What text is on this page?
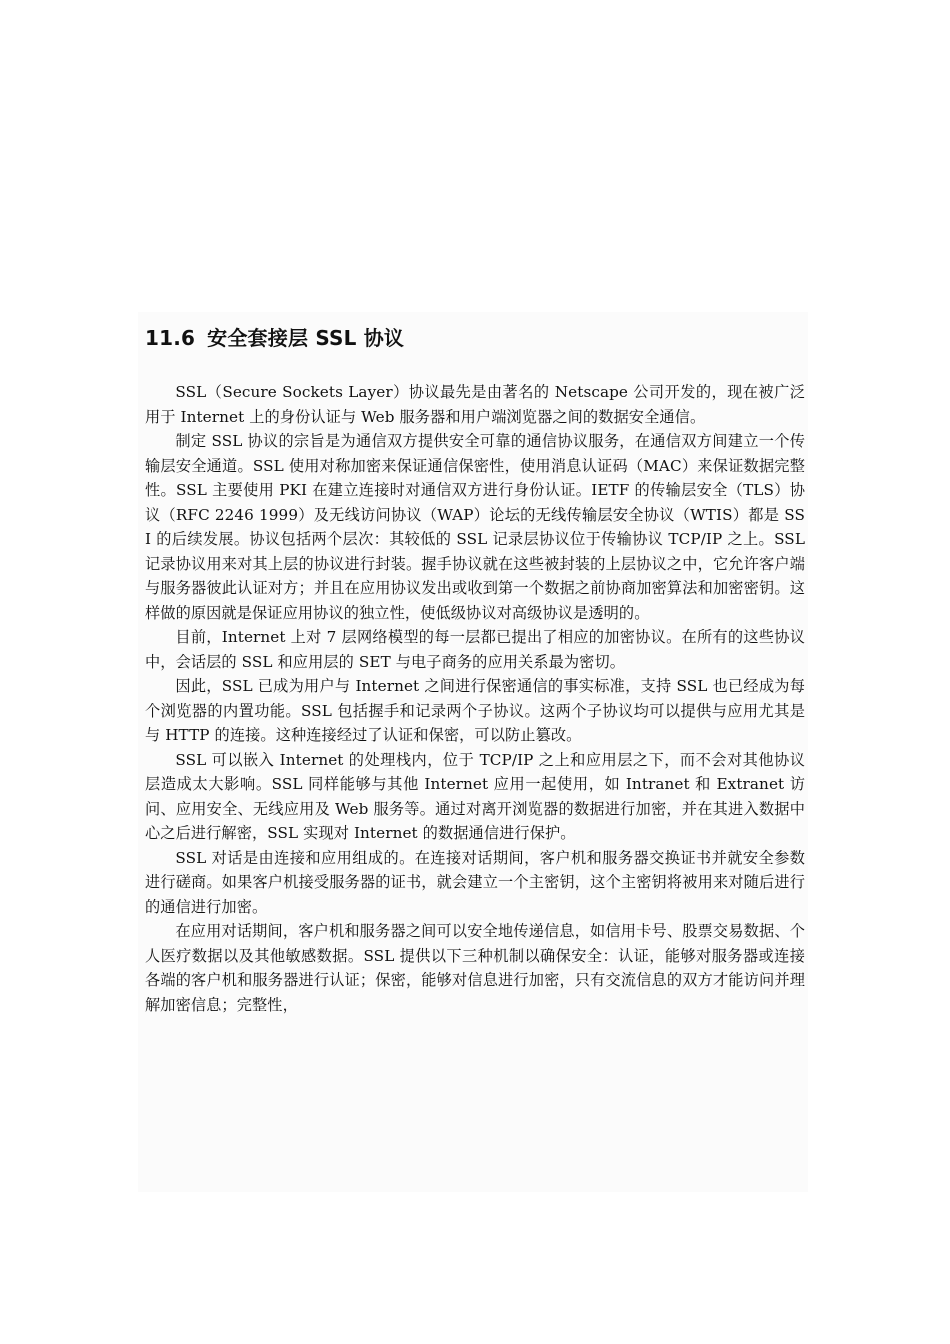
11.6 安全套接层 SSL 协议

SSL（Secure Sockets Layer）协议最先是由著名的 Netscape 公司开发的，现在被广泛用于 Internet 上的身份认证与 Web 服务器和用户端浏览器之间的数据安全通信。

制定 SSL 协议的宗旨是为通信双方提供安全可靠的通信协议服务，在通信双方间建立一个传输层安全通道。SSL 使用对称加密来保证通信保密性，使用消息认证码（MAC）来保证数据完整性。SSL 主要使用 PKI 在建立连接时对通信双方进行身份认证。IETF 的传输层安全（TLS）协议（RFC 2246 1999）及无线访问协议（WAP）论坛的无线传输层安全协议（WTIS）都是 SSI 的后续发展。协议包括两个层次：其较低的 SSL 记录层协议位于传输协议 TCP/IP 之上。SSL 记录协议用来对其上层的协议进行封装。握手协议就在这些被封装的上层协议之中，它允许客户端与服务器彼此认证对方；并且在应用协议发出或收到第一个数据之前协商加密算法和加密密钥。这样做的原因就是保证应用协议的独立性，使低级协议对高级协议是透明的。

目前，Internet 上对 7 层网络模型的每一层都已提出了相应的加密协议。在所有的这些协议中，会话层的 SSL 和应用层的 SET 与电子商务的应用关系最为密切。

因此，SSL 已成为用户与 Internet 之间进行保密通信的事实标准，支持 SSL 也已经成为每个浏览器的内置功能。SSL 包括握手和记录两个子协议。这两个子协议均可以提供与应用尤其是与 HTTP 的连接。这种连接经过了认证和保密，可以防止篡改。

SSL 可以嵌入 Internet 的处理栈内，位于 TCP/IP 之上和应用层之下，而不会对其他协议层造成太大影响。SSL 同样能够与其他 Internet 应用一起使用，如 Intranet 和 Extranet 访问、应用安全、无线应用及 Web 服务等。通过对离开浏览器的数据进行加密，并在其进入数据中心之后进行解密，SSL 实现对 Internet 的数据通信进行保护。

SSL 对话是由连接和应用组成的。在连接对话期间，客户机和服务器交换证书并就安全参数进行磋商。如果客户机接受服务器的证书，就会建立一个主密钥，这个主密钥将被用来对随后进行的通信进行加密。

在应用对话期间，客户机和服务器之间可以安全地传递信息，如信用卡号、股票交易数据、个人医疗数据以及其他敏感数据。SSL 提供以下三种机制以确保安全：认证，能够对服务器或连接各端的客户机和服务器进行认证；保密，能够对信息进行加密，只有交流信息的双方才能访问并理解加密信息；完整性，
